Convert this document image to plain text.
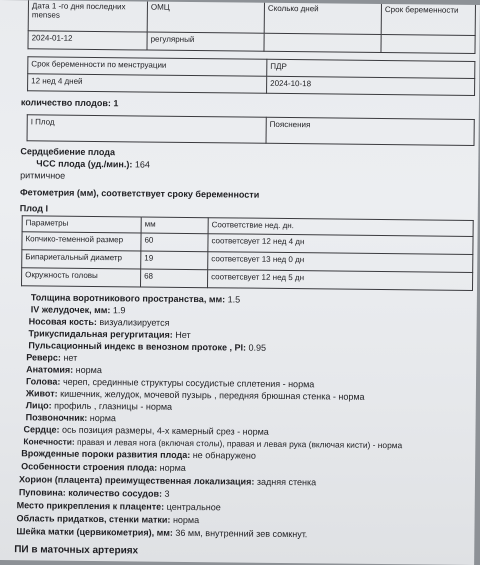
Дата 1 -го дня последних
menses	ОМЦ	Сколько дней	Срок беременности
2024-01-12	регулярный		
Срок беременности по менструации	ПДР
12 нед 4 дней	2024-10-18
количество плодов: 1
I Плод	Пояснения
Сердцебиение плода
ЧСС плода (уд./мин.): 164
ритмичное
Фетометрия (мм), соответствует сроку беременности
Плод I
Параметры	мм	Соответствие нед. дн.
Копчико-теменной размер	60	соответсвует 12 нед 4 дн
Бипариетальный диаметр	19	соответсвует 13 нед 0 дн
Окружность головы	68	соответсвует 12 нед 5 дн
Толщина воротникового пространства, мм: 1.5
IV желудочек, мм: 1.9
Носовая кость: визуализируется
Трикуспидальная регургитация: Нет
Пульсационный индекс в венозном протоке , PI: 0.95
Реверс: нет
Анатомия: норма
Голова: череп, срединные структуры сосудистые сплетения - норма
Живот: кишечник, желудок, мочевой пузырь , передняя брюшная стенка - норма
Лицо: профиль , глазницы - норма
Позвоночник: норма
Сердце: ось позиция размеры, 4-х камерный срез - норма
Конечности: правая и левая нога (включая столы), правая и левая рука (включая кисти) - норма
Врожденные пороки развития плода: не обнаружено
Особенности строения плода: норма
Хорион (плацента) преимущественная локализация: задняя стенка
Пуповина: количество сосудов: 3
Место прикрепления к плаценте: центральное
Область придатков, стенки матки: норма
Шейка матки (цервикометрия), мм: 36 мм, внутренний зев сомкнут.
ПИ в маточных артериях
